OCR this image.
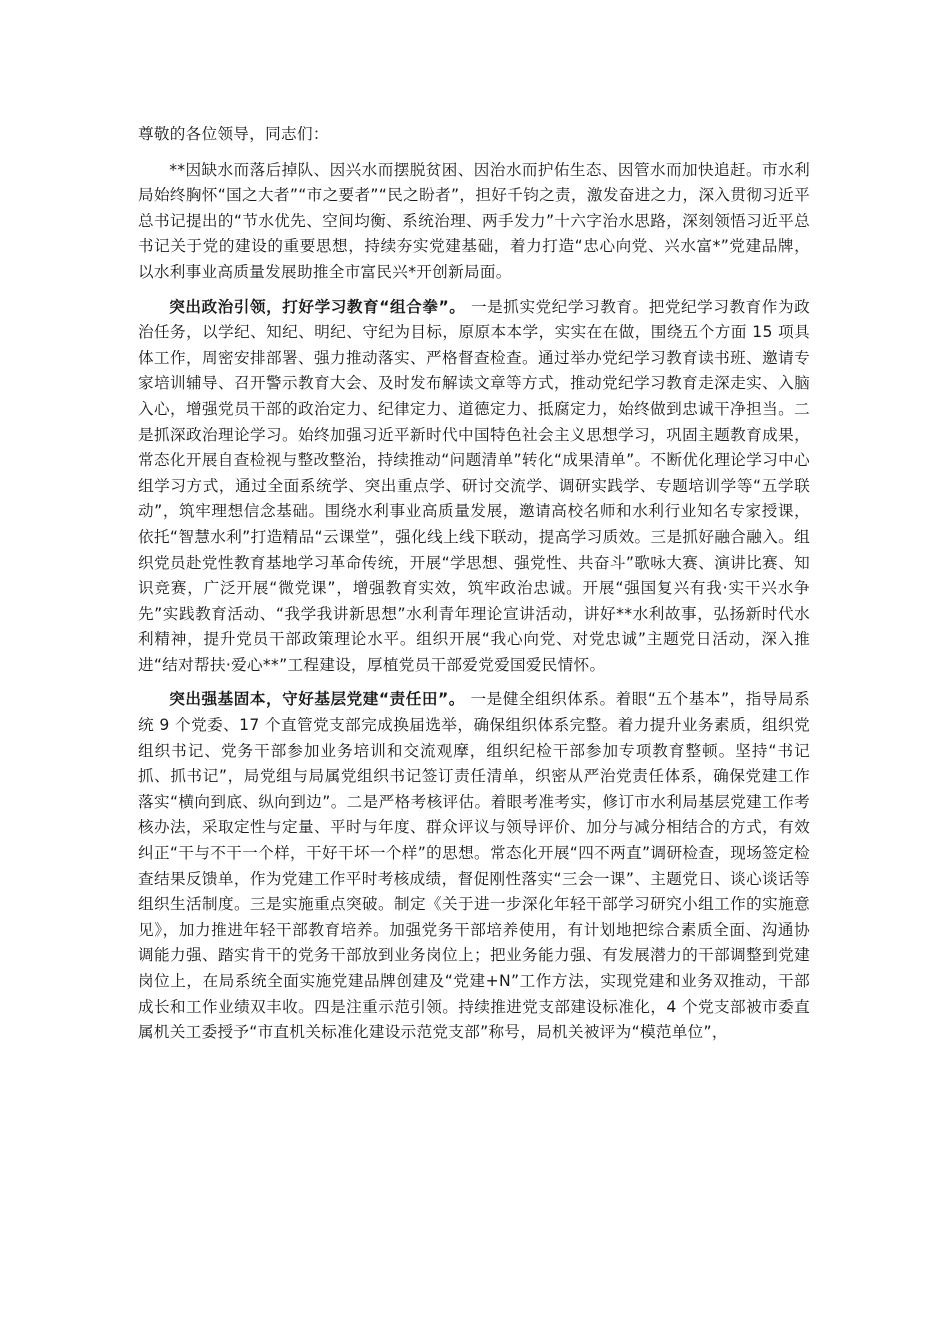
尊敬的各位领导，同志们：

**因缺水而落后掉队、因兴水而摆脱贫困、因治水而护佑生态、因管水而加快追赶。市水利局始终胸怀“国之大者”“市之要者”“民之盼者”，担好千钧之责，激发奋进之力，深入贯彻习近平总书记提出的“节水优先、空间均衡、系统治理、两手发力”十六字治水思路，深刻领悟习近平总书记关于党的建设的重要思想，持续夯实党建基础，着力打造“忠心向党、兴水富*”党建品牌，以水利事业高质量发展助推全市富民兴*开创新局面。

突出政治引领，打好学习教育“组合拳”。 一是抓实党纪学习教育。把党纪学习教育作为政治任务，以学纪、知纪、明纪、守纪为目标，原原本本学，实实在在做，围绕五个方面 15 项具体工作，周密安排部署、强力推动落实、严格督查检查。通过举办党纪学习教育读书班、邀请专家培训辅导、召开警示教育大会、及时发布解读文章等方式，推动党纪学习教育走深走实、入脑入心，增强党员干部的政治定力、纪律定力、道德定力、抵腐定力，始终做到忠诚干净担当。二是抓深政治理论学习。始终加强习近平新时代中国特色社会主义思想学习，巩固主题教育成果，常态化开展自查检视与整改整治，持续推动“问题清单”转化“成果清单”。不断优化理论学习中心组学习方式，通过全面系统学、突出重点学、研讨交流学、调研实践学、专题培训学等“五学联动”，筑牢理想信念基础。围绕水利事业高质量发展，邀请高校名师和水利行业知名专家授课，依托“智慧水利”打造精品“云课堂”，强化线上线下联动，提高学习质效。三是抓好融合融入。组织党员赴党性教育基地学习革命传统，开展“学思想、强党性、共奋斗”歌咏大赛、演讲比赛、知识竞赛，广泛开展“微党课”，增强教育实效，筑牢政治忠诚。开展“强国复兴有我·实干兴水争先”实践教育活动、“我学我讲新思想”水利青年理论宣讲活动，讲好**水利故事，弘扬新时代水利精神，提升党员干部政策理论水平。组织开展“我心向党、对党忠诚”主题党日活动，深入推进“结对帮扶·爱心**”工程建设，厚植党员干部爱党爱国爱民情怀。

突出强基固本，守好基层党建“责任田”。 一是健全组织体系。着眼“五个基本”，指导局系统 9 个党委、17 个直管党支部完成换届选举，确保组织体系完整。着力提升业务素质，组织党组织书记、党务干部参加业务培训和交流观摩，组织纪检干部参加专项教育整顿。坚持“书记抓、抓书记”，局党组与局属党组织书记签订责任清单，织密从严治党责任体系，确保党建工作落实“横向到底、纵向到边”。二是严格考核评估。着眼考准考实，修订市水利局基层党建工作考核办法，采取定性与定量、平时与年度、群众评议与领导评价、加分与减分相结合的方式，有效纠正“干与不干一个样，干好干坏一个样”的思想。常态化开展“四不两直”调研检查，现场签定检查结果反馈单，作为党建工作平时考核成绩，督促刚性落实“三会一课”、主题党日、谈心谈话等组织生活制度。三是实施重点突破。制定《关于进一步深化年轻干部学习研究小组工作的实施意见》，加力推进年轻干部教育培养。加强党务干部培养使用，有计划地把综合素质全面、沟通协调能力强、踏实肯干的党务干部放到业务岗位上；把业务能力强、有发展潜力的干部调整到党建岗位上，在局系统全面实施党建品牌创建及“党建+N”工作方法，实现党建和业务双推动，干部成长和工作业绩双丰收。四是注重示范引领。持续推进党支部建设标准化，4 个党支部被市委直属机关工委授予“市直机关标准化建设示范党支部”称号，局机关被评为“模范单位”，
